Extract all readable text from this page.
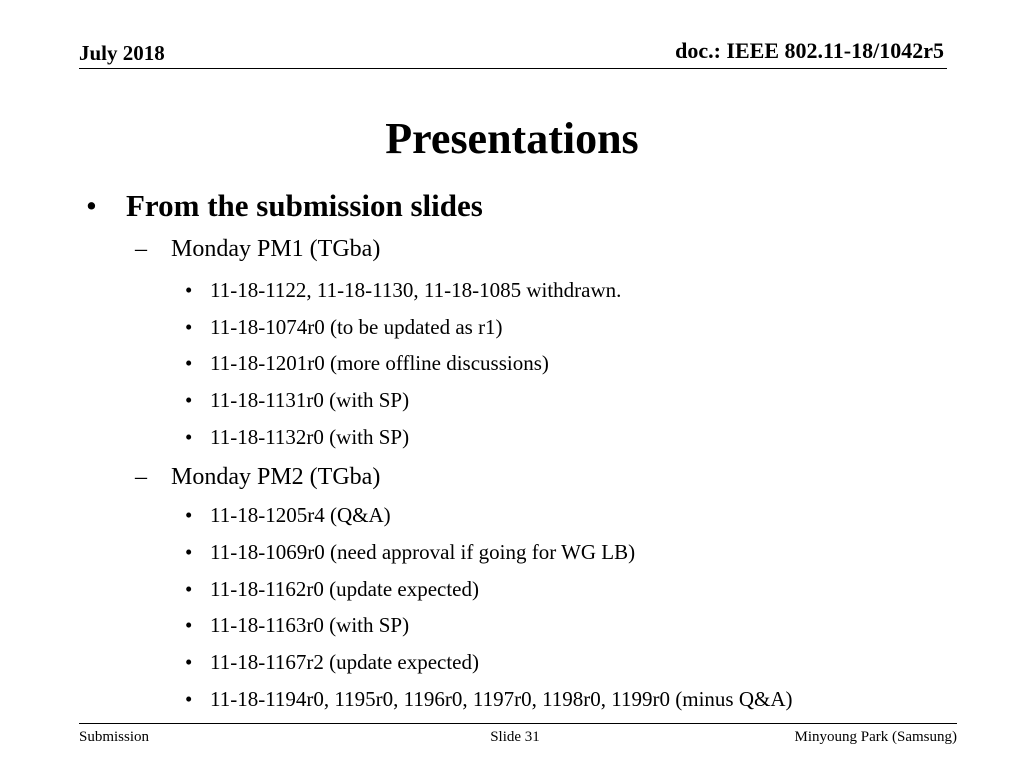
July 2018	doc.: IEEE 802.11-18/1042r5
Presentations
• From the submission slides
– Monday PM1 (TGba)
• 11-18-1122, 11-18-1130, 11-18-1085 withdrawn.
• 11-18-1074r0 (to be updated as r1)
• 11-18-1201r0 (more offline discussions)
• 11-18-1131r0 (with SP)
• 11-18-1132r0 (with SP)
– Monday PM2 (TGba)
• 11-18-1205r4 (Q&A)
• 11-18-1069r0 (need approval if going for WG LB)
• 11-18-1162r0 (update expected)
• 11-18-1163r0 (with SP)
• 11-18-1167r2 (update expected)
• 11-18-1194r0, 1195r0, 1196r0, 1197r0, 1198r0, 1199r0 (minus Q&A)
Submission	Slide 31	Minyoung Park (Samsung)
